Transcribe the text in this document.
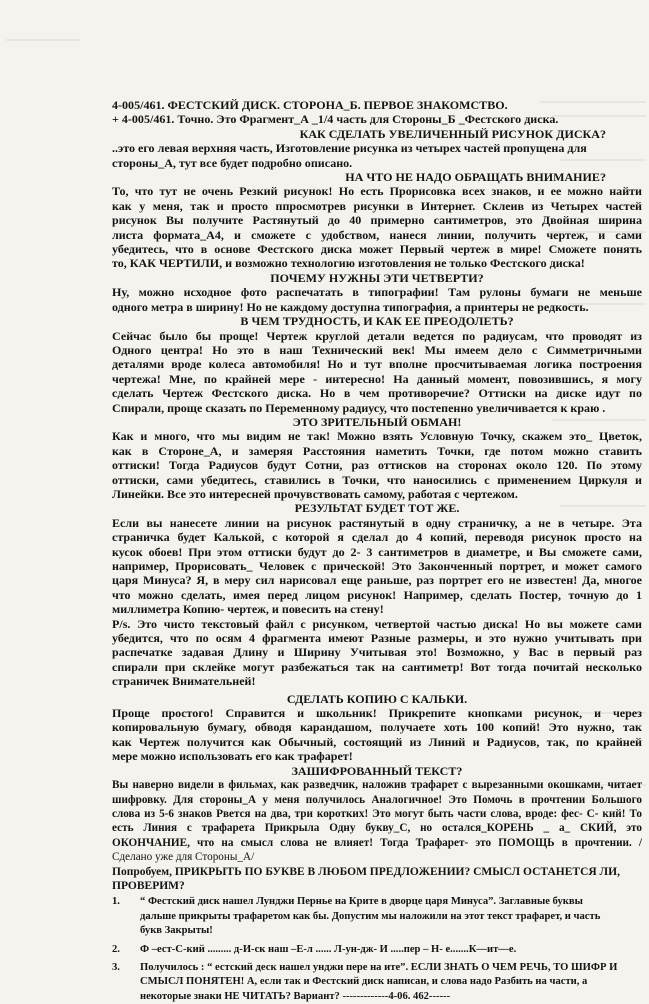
4-005/461. ФЕСТСКИЙ ДИСК. СТОРОНА_Б. ПЕРВОЕ ЗНАКОМСТВО.

+ 4-005/461. Точно. Это Фрагмент_А _1/4 часть для Стороны_Б _Фестского диска.

КАК СДЕЛАТЬ УВЕЛИЧЕННЫЙ РИСУНОК ДИСКА?

..это его левая верхняя часть, Изготовление рисунка из четырех частей пропущена для

стороны_А, тут все будет подробно описано.

НА ЧТО НЕ НАДО ОБРАЩАТЬ ВНИМАНИЕ?

То, что тут не очень Резкий рисунок! Но есть Прорисовка всех знаков, и ее можно найти

как у меня, так и просто ппросмотрев рисунки в Интернет. Склеив из Четырех частей

рисунок Вы получите Растянутый до 40 примерно сантиметров, это Двойная ширина

листа формата_А4, и сможете с удобством, нанеся линии, получить чертеж, и сами

убедитесь, что в основе Фестского диска может Первый чертеж в мире! Сможете понять

то, КАК ЧЕРТИЛИ, и возможно технологию изготовления не только Фестского диска!

ПОЧЕМУ НУЖНЫ ЭТИ ЧЕТВЕРТИ?

Ну, можно исходное фото распечатать в типографии! Там рулоны бумаги не меньше

одного метра в ширину! Но не каждому доступна типография, а принтеры не редкость.

В ЧЕМ ТРУДНОСТЬ, И КАК ЕЕ ПРЕОДОЛЕТЬ?

Сейчас было бы проще! Чертеж круглой детали ведется по радиусам, что проводят из

Одного центра! Но это в наш Технический век! Мы имеем дело с Симметричными

деталями вроде колеса автомобиля! Но и тут вполне просчитываемая логика построения

чертежа! Мне, по крайней мере - интересно! На данный момент, повозившись, я могу

сделать Чертеж Фестского диска. Но в чем противоречие? Оттиски на диске идут по

Спирали, проще сказать по Переменному радиусу, что постепенно увеличивается к краю .

ЭТО ЗРИТЕЛЬНЫЙ ОБМАН!

Как и много, что мы видим не так! Можно взять Условную Точку, скажем это_ Цветок,

как в Стороне_А, и замеряя Расстояния наметить Точки, где потом можно ставить

оттиски! Тогда Радиусов будут Сотни, раз оттисков на сторонах около 120. По этому

оттиски, сами убедитесь, ставились в Точки, что наносились с применением Циркуля и

Линейки. Все это интересней прочувствовать самому, работая с чертежом.

РЕЗУЛЬТАТ БУДЕТ ТОТ ЖЕ.

Если вы нанесете линии на рисунок растянутый в одну страничку, а не в четыре. Эта

страничка будет Калькой, с которой я сделал до 4 копий, переводя рисунок просто на

кусок обоев! При этом оттиски будут до 2- 3 сантиметров в диаметре, и Вы сможете сами,

например, Прорисовать_ Человек с прической! Это Законченный портрет, и может самого

царя Минуса? Я, в меру сил нарисовал еще раньше, раз портрет его не известен! Да, многое

что можно сделать, имея перед лицом рисунок! Например, сделать Постер, точную до 1

миллиметра Копию- чертеж, и повесить на стену!

P/s. Это чисто текстовый файл с рисунком, четвертой частью диска! Но вы можете сами

убедится, что по осям 4 фрагмента имеют Разные размеры, и это нужно учитывать при

распечатке задавая Длину и Ширину Учитывая это! Возможно, у Вас в первый раз

спирали при склейке могут разбежаться так на сантиметр! Вот тогда почитай несколько

страничек Внимательней!

СДЕЛАТЬ КОПИЮ С КАЛЬКИ.

Проще простого! Справится и школьник! Прикрепите кнопками рисунок, и через

копировальную бумагу, обводя карандашом, получаете хоть 100 копий! Это нужно, так

как Чертеж получится как Обычный, состоящий из Линий и Радиусов, так, по крайней

мере можно использовать его как трафарет!

ЗАШИФРОВАННЫЙ ТЕКСТ?

Вы наверно видели в фильмах, как разведчик, наложив трафарет с вырезанными окошками, читает

шифровку. Для стороны_А у меня получилось Аналогичное! Это Помочь в прочтении Большого

слова из 5-6 знаков Рвется на два, три коротких! Это могут быть части слова, вроде: фес- С- кий! То

есть Линия с трафарета Прикрыла Одну букву_С, но остался_КОРЕНЬ _ а_ СКИЙ, это

ОКОНЧАНИЕ, что на смысл слова не влияет! Тогда Трафарет- это ПОМОЩЬ в прочтении. /

Сделано уже для Стороны_А/

Попробуем, ПРИКРЫТЬ ПО БУКВЕ В ЛЮБОМ ПРЕДЛОЖЕНИИ? СМЫСЛ ОСТАНЕТСЯ ЛИ,

ПРОВЕРИМ?

1. “ Фестский диск нашел Лунджи Пернье на Крите в дворце царя Минуса”. Заглавные буквы

дальше прикрыты трафаретом как бы. Допустим мы наложили на этот текст трафарет, и часть

букв Закрыты!

2. Ф –ест-С-кий ......... д-И-ск наш –Е-л ...... Л-ун-дж- И .....пер – Н- е.......К—ит—е.

3. Получилось : “ естский деск нашел унджи пере на ите”. ЕСЛИ ЗНАТЬ О ЧЕМ РЕЧЬ, ТО ШИФР И

СМЫСЛ ПОНЯТЕН! А, если так и Фестский диск написан, и слова надо Разбить на части, а

некоторые знаки НЕ ЧИТАТЬ? Вариант? -------------4-06. 462------
